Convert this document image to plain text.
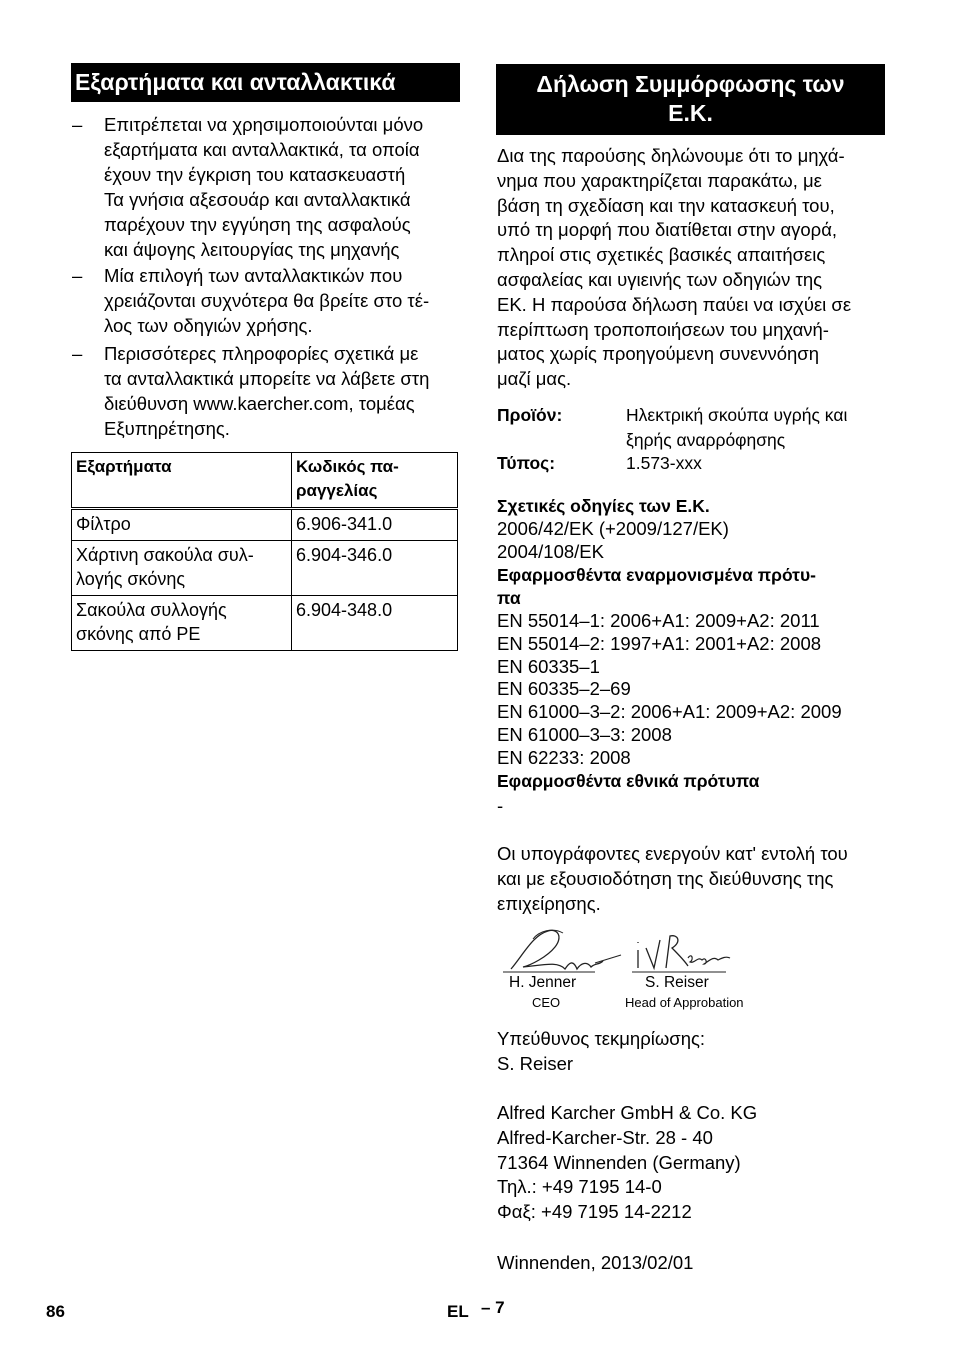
Εξαρτήματα και ανταλλακτικά
– Επιτρέπεται να χρησιμοποιούνται μόνο
εξαρτήματα και ανταλλακτικά, τα οποία
έχουν την έγκριση του κατασκευαστή
Τα γνήσια αξεσουάρ και ανταλλακτικά
παρέχουν την εγγύηση της ασφαλούς
και άψογης λειτουργίας της μηχανής
– Μία επιλογή των ανταλλακτικών που
χρειάζονται συχνότερα θα βρείτε στο τέ-
λος των οδηγιών χρήσης.
– Περισσότερες πληροφορίες σχετικά με
τα ανταλλακτικά μπορείτε να λάβετε στη
διεύθυνση www.kaercher.com, τομέας
Εξυπηρέτησης.
Εξαρτήματα	Κωδικός πα-
ραγγελίας
Φίλτρο	6.906-341.0
Χάρτινη σακούλα συλ-
λογής σκόνης	6.904-346.0
Σακούλα συλλογής
σκόνης από PE	6.904-348.0
Δήλωση Συμμόρφωσης των
Ε.Κ.
Δια της παρούσης δηλώνουμε ότι το μηχά-
νημα που χαρακτηρίζεται παρακάτω, με
βάση τη σχεδίαση και την κατασκευή του,
υπό τη μορφή που διατίθεται στην αγορά,
πληροί στις σχετικές βασικές απαιτήσεις
ασφαλείας και υγιεινής των οδηγιών της
ΕΚ. Η παρούσα δήλωση παύει να ισχύει σε
περίπτωση τροποποιήσεων του μηχανή-
ματος χωρίς προηγούμενη συνεννόηση
μαζί μας.
Προϊόν:	Ηλεκτρική σκούπα υγρής και
ξηρής αναρρόφησης
Τύπος:	1.573-xxx
Σχετικές οδηγίες των Ε.Κ.
2006/42/ΕΚ (+2009/127/ΕΚ)
2004/108/ΕΚ
Εφαρμοσθέντα εναρμονισμένα πρότυ-
πα
EN 55014–1: 2006+A1: 2009+A2: 2011
EN 55014–2: 1997+A1: 2001+A2: 2008
EN 60335–1
EN 60335–2–69
EN 61000–3–2: 2006+A1: 2009+A2: 2009
EN 61000–3–3: 2008
EN 62233: 2008
Εφαρμοσθέντα εθνικά πρότυπα
-
Οι υπογράφοντες ενεργούν κατ' εντολή του
και με εξουσιοδότηση της διεύθυνσης της
επιχείρησης.
H. Jenner
CEO
S. Reiser
Head of Approbation
Υπεύθυνος τεκμηρίωσης:
S. Reiser
Alfred Karcher GmbH & Co. KG
Alfred-Karcher-Str. 28 - 40
71364 Winnenden (Germany)
Τηλ.: +49 7195 14-0
Φαξ: +49 7195 14-2212
Winnenden, 2013/02/01
86	EL – 7
